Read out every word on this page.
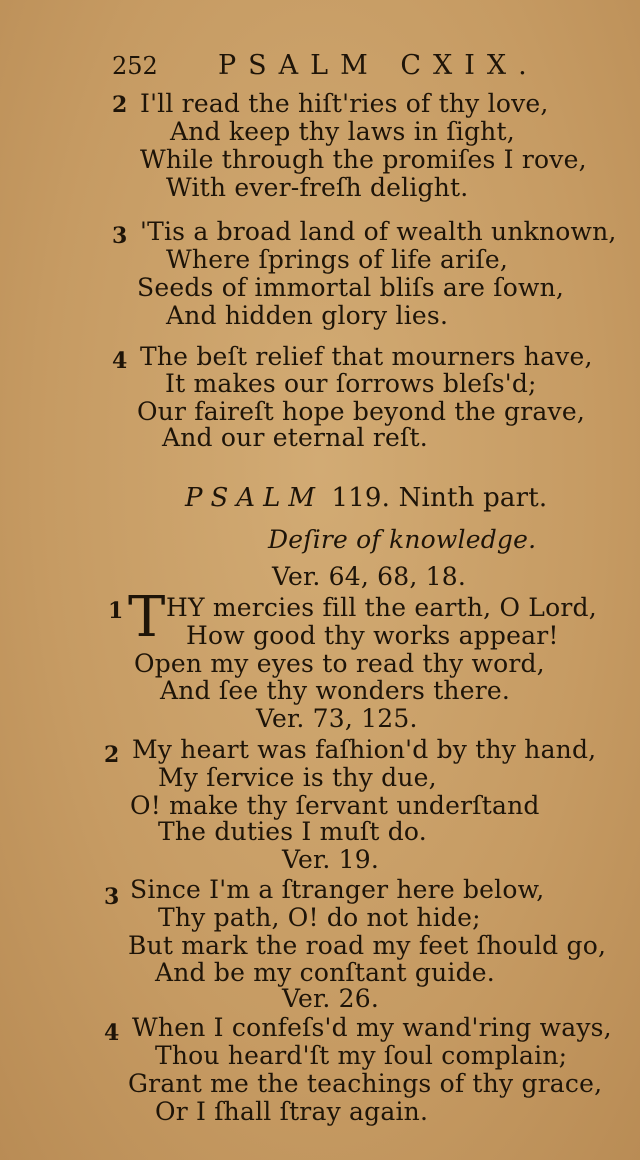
252 PSALM CXIX.
2 I'll read the hiſt'ries of thy love,
And keep thy laws in ſight,
While through the promiſes I rove,
With ever-freſh delight.
3 'Tis a broad land of wealth unknown,
Where ſprings of life ariſe,
Seeds of immortal bliſs are ſown,
And hidden glory lies.
4 The beſt relief that mourners have,
It makes our ſorrows bleſs'd;
Our faireſt hope beyond the grave,
And our eternal reſt.
PSALM 119. Ninth part.
Deſire of knowledge.
Ver. 64, 68, 18.
1 T HY mercies fill the earth, O Lord,
How good thy works appear!
Open my eyes to read thy word,
And ſee thy wonders there.
Ver. 73, 125.
2 My heart was faſhion'd by thy hand,
My ſervice is thy due,
O! make thy ſervant underſtand
The duties I muſt do.
Ver. 19.
3 Since I'm a ſtranger here below,
Thy path, O! do not hide;
But mark the road my feet ſhould go,
And be my conſtant guide.
Ver. 26.
4 When I confeſs'd my wand'ring ways,
Thou heard'ſt my ſoul complain;
Grant me the teachings of thy grace,
Or I ſhall ſtray again.
